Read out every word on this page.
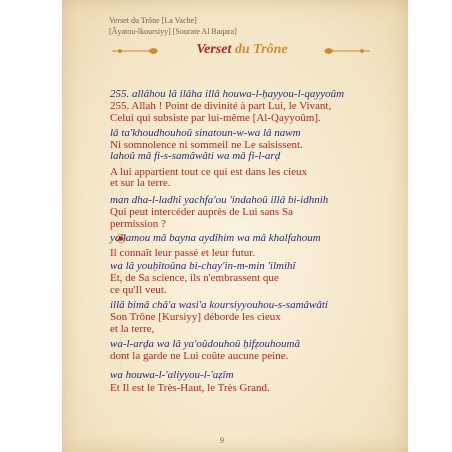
Verset du Trône [La Vache]
[Âyatou-lkoursiyy] [Sourate Al Baqara]
Verset du Trône
255. allâhou lâ ilâha illâ houwa-l-ḥayyou-l-qayyoûm
255. Allah ! Point de divinité à part Lui, le Vivant,
Celui qui subsiste par lui-même [Al-Qayyoûm].
lâ ta'khoudhouhoû sinatoun-w-wa lâ nawm
Ni somnolence ni sommeil ne Le saisissent.
lahoû mâ fi-s-samâwâti wa mâ fi-l-arḍ
A lui appartient tout ce qui est dans les cieux
et sur la terre.
man dha-l-ladhî yachfa'ou 'indahoû illâ bi-idhnih
Qui peut intercéder auprès de Lui sans Sa
permission ?
ya'lamou mâ bayna aydîhim wa mâ khalfahoum
Il connaît leur passé et leur futur.
wa lâ youḥîtoûna bi-chay'in-m-min 'ilmihî
Et, de Sa science, ils n'embrassent que
ce qu'Il veut.
illâ bimâ châ'a wasi'a koursiyyouhou-s-samâwâti
Son Trône [Kursiyy] déborde les cieux
et la terre,
wa-l-arḍa wa lâ ya'oûdouhoû ḥifẓouhoumâ
dont la garde ne Lui coûte aucune peine.
wa houwa-l-'aliyyou-l-'aẓîm
Et Il est le Très-Haut, le Très Grand.
9
